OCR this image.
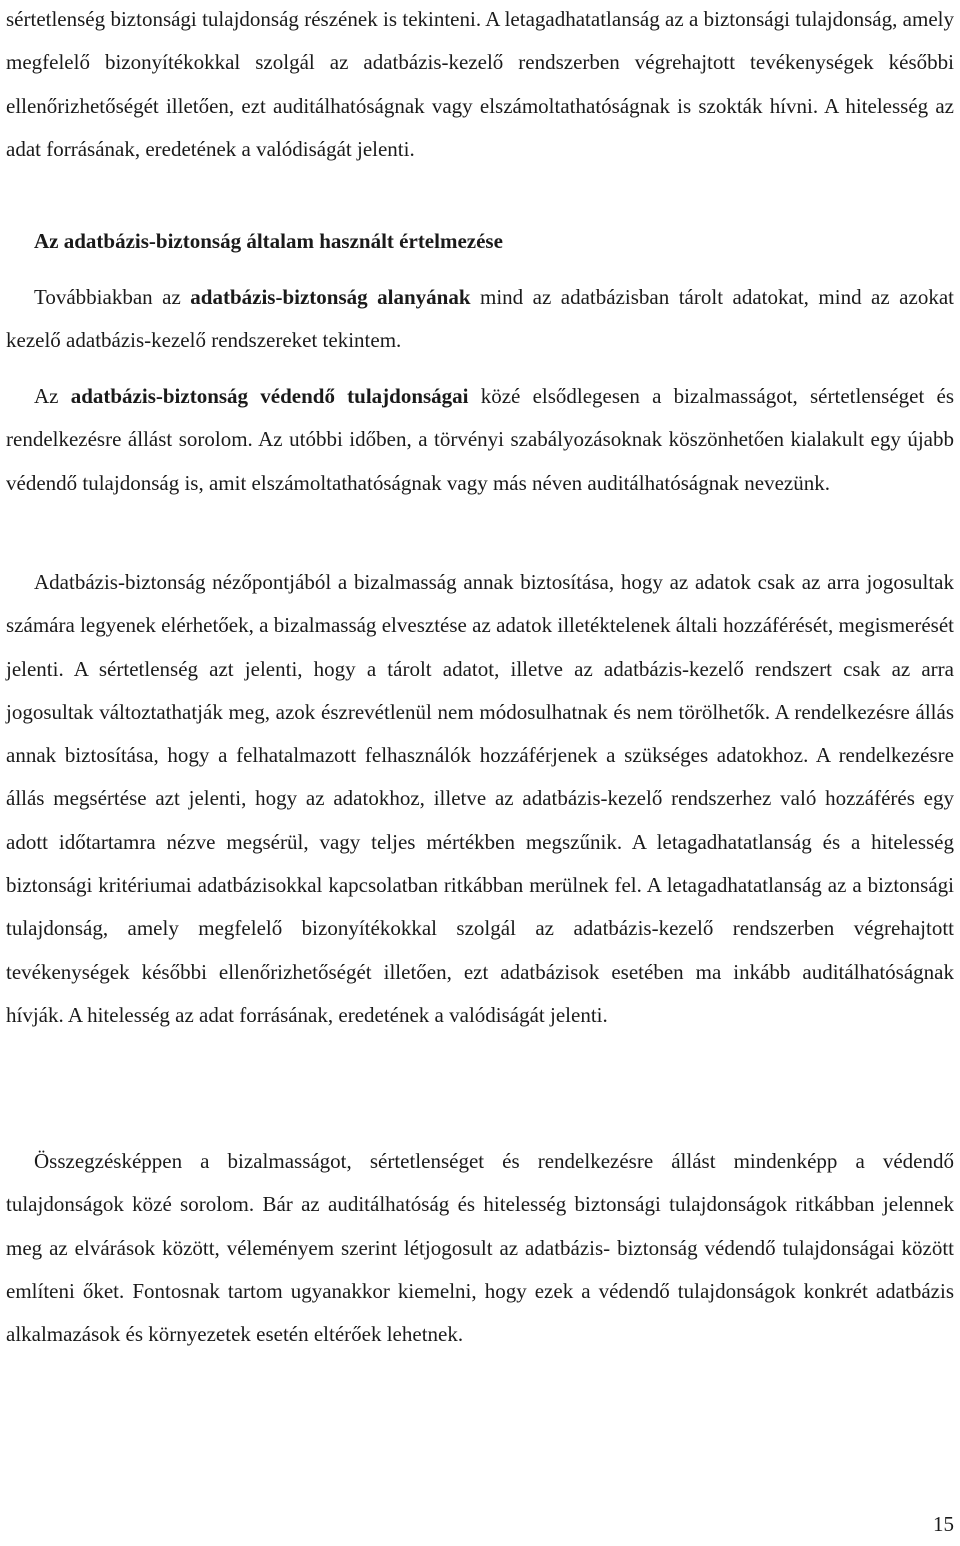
sértetlenség biztonsági tulajdonság részének is tekinteni. A letagadhatatlanság az a biztonsági tulajdonság, amely megfelelő bizonyítékokkal szolgál az adatbázis-kezelő rendszerben végrehajtott tevékenységek későbbi ellenőrizhetőségét illetően, ezt auditálhatóságnak vagy elszámoltathatóságnak is szokták hívni. A hitelesség az adat forrásának, eredetének a valódiságát jelenti.

Az adatbázis-biztonság általam használt értelmezése

Továbbiakban az adatbázis-biztonság alanyának mind az adatbázisban tárolt adatokat, mind az azokat kezelő adatbázis-kezelő rendszereket tekintem.

Az adatbázis-biztonság védendő tulajdonságai közé elsődlegesen a bizalmasságot, sértetlenséget és rendelkezésre állást sorolom. Az utóbbi időben, a törvényi szabályozásoknak köszönhetően kialakult egy újabb védendő tulajdonság is, amit elszámoltathatóságnak vagy más néven auditálhatóságnak nevezünk.

Adatbázis-biztonság nézőpontjából a bizalmasság annak biztosítása, hogy az adatok csak az arra jogosultak számára legyenek elérhetőek, a bizalmasság elvesztése az adatok illetéktelenek általi hozzáférését, megismerését jelenti. A sértetlenség azt jelenti, hogy a tárolt adatot, illetve az adatbázis-kezelő rendszert csak az arra jogosultak változtathatják meg, azok észrevétlenül nem módosulhatnak és nem törölhetők. A rendelkezésre állás annak biztosítása, hogy a felhatalmazott felhasználók hozzáférjenek a szükséges adatokhoz. A rendelkezésre állás megsértése azt jelenti, hogy az adatokhoz, illetve az adatbázis-kezelő rendszerhez való hozzáférés egy adott időtartamra nézve megsérül, vagy teljes mértékben megszűnik. A letagadhatatlanság és a hitelesség biztonsági kritériumai adatbázisokkal kapcsolatban ritkábban merülnek fel. A letagadhatatlanság az a biztonsági tulajdonság, amely megfelelő bizonyítékokkal szolgál az adatbázis-kezelő rendszerben végrehajtott tevékenységek későbbi ellenőrizhetőségét illetően, ezt adatbázisok esetében ma inkább auditálhatóságnak hívják. A hitelesség az adat forrásának, eredetének a valódiságát jelenti.

Összegzésképpen a bizalmasságot, sértetlenséget és rendelkezésre állást mindenképp a védendő tulajdonságok közé sorolom. Bár az auditálhatóság és hitelesség biztonsági tulajdonságok ritkábban jelennek meg az elvárások között, véleményem szerint létjogosult az adatbázis- biztonság védendő tulajdonságai között említeni őket. Fontosnak tartom ugyanakkor kiemelni, hogy ezek a védendő tulajdonságok konkrét adatbázis alkalmazások és környezetek esetén eltérőek lehetnek.

15
